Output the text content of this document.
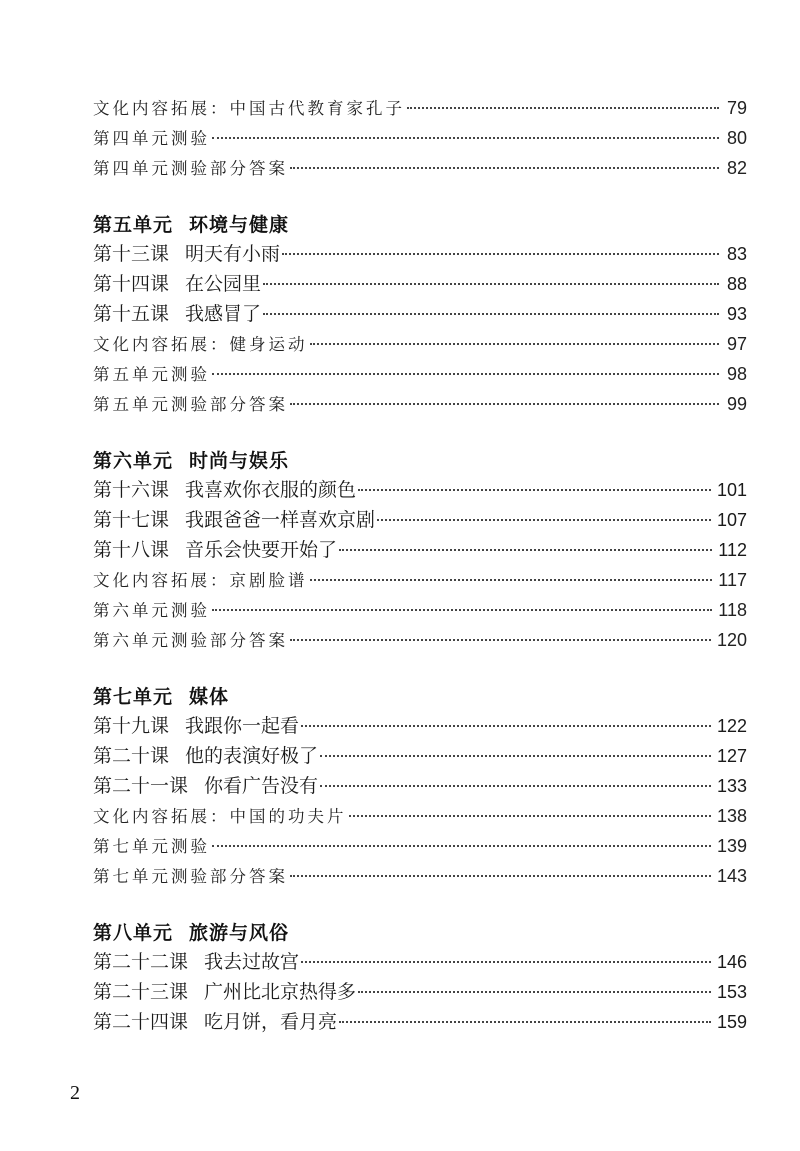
文化内容拓展：中国古代教育家孔子	79
第四单元测验	80
第四单元测验部分答案	82
第五单元 环境与健康
第十三课 明天有小雨	83
第十四课 在公园里	88
第十五课 我感冒了	93
文化内容拓展：健身运动	97
第五单元测验	98
第五单元测验部分答案	99
第六单元 时尚与娱乐
第十六课 我喜欢你衣服的颜色	101
第十七课 我跟爸爸一样喜欢京剧	107
第十八课 音乐会快要开始了	112
文化内容拓展：京剧脸谱	117
第六单元测验	118
第六单元测验部分答案	120
第七单元 媒体
第十九课 我跟你一起看	122
第二十课 他的表演好极了	127
第二十一课 你看广告没有	133
文化内容拓展：中国的功夫片	138
第七单元测验	139
第七单元测验部分答案	143
第八单元 旅游与风俗
第二十二课 我去过故宫	146
第二十三课 广州比北京热得多	153
第二十四课 吃月饼，看月亮	159
2
